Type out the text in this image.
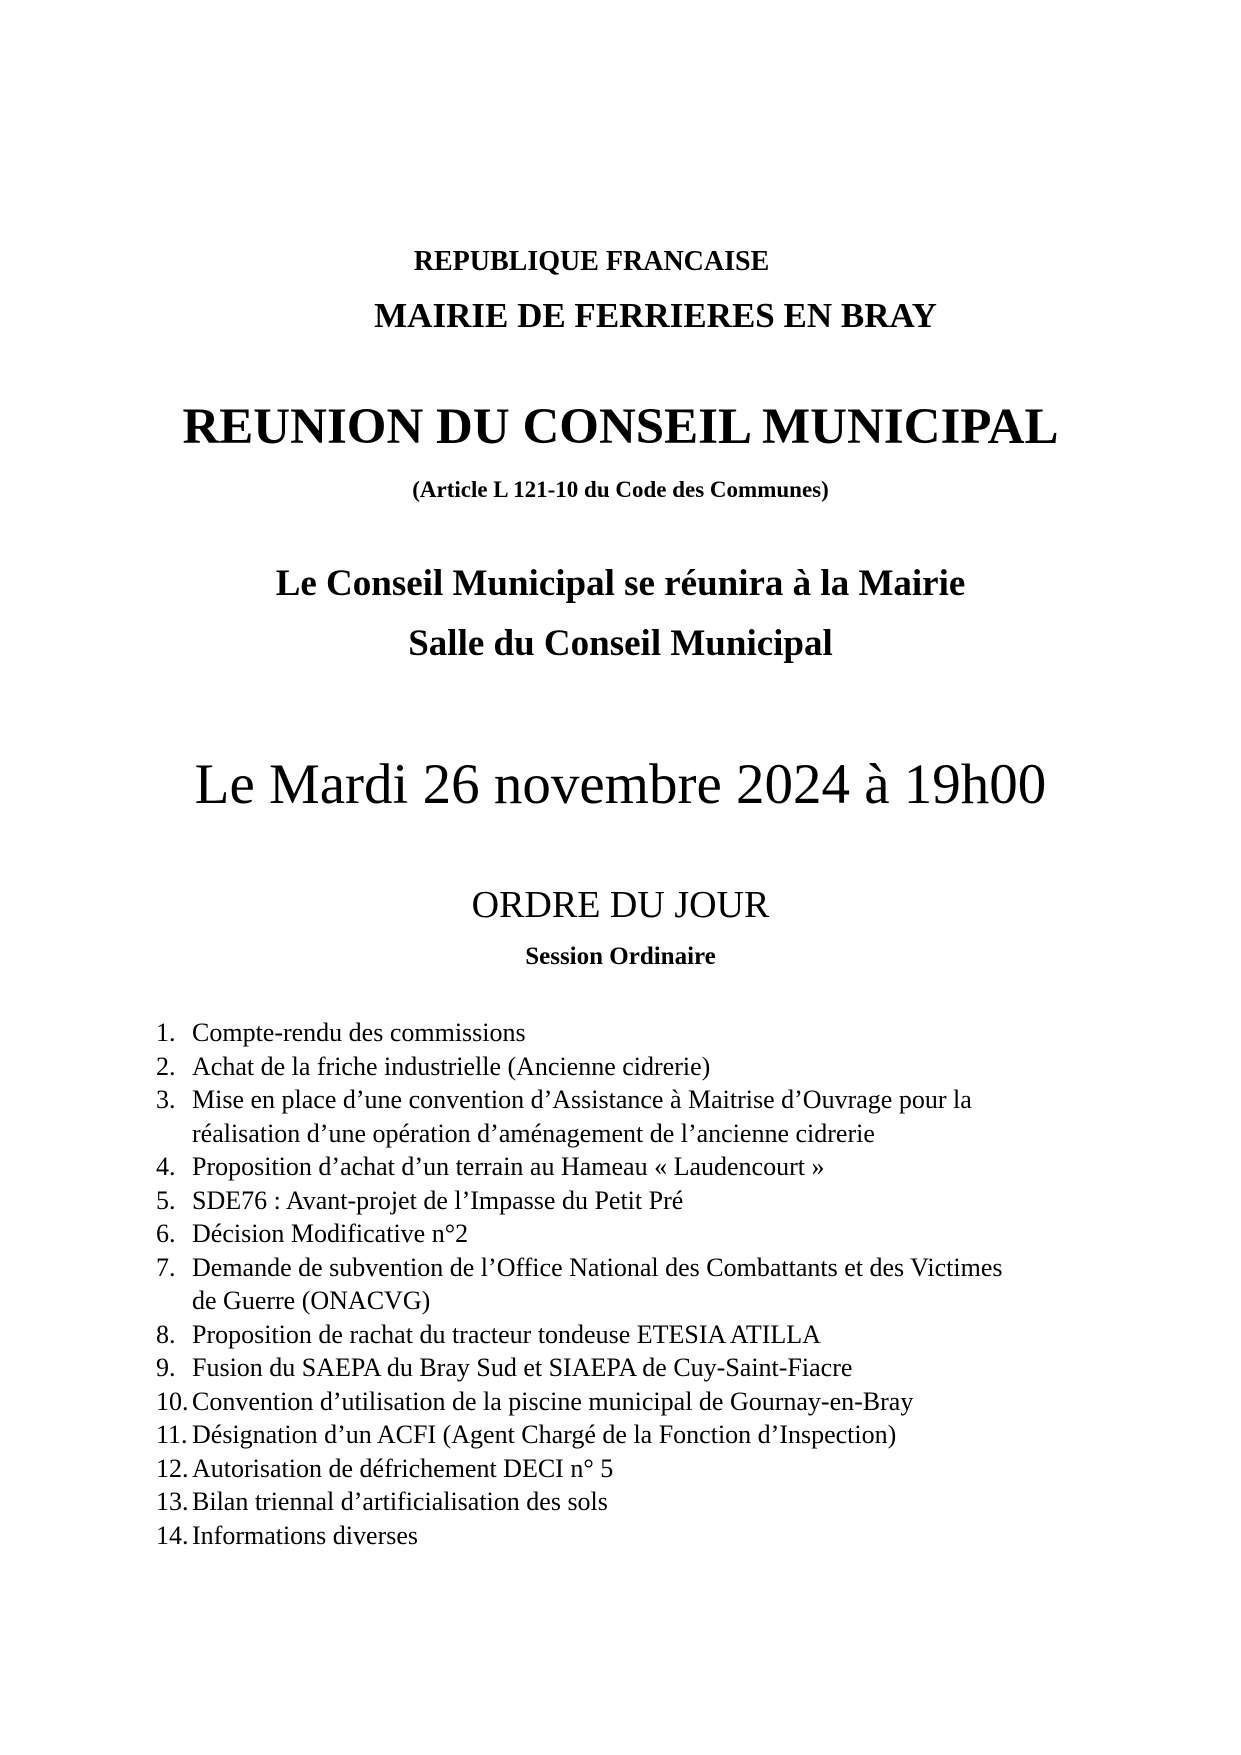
REPUBLIQUE FRANCAISE
MAIRIE DE FERRIERES EN BRAY
REUNION DU CONSEIL MUNICIPAL
(Article L 121-10 du Code des Communes)
Le Conseil Municipal se réunira à la Mairie
Salle du Conseil Municipal
Le Mardi 26 novembre 2024 à 19h00
ORDRE DU JOUR
Session Ordinaire
1. Compte-rendu des commissions
2. Achat de la friche industrielle (Ancienne cidrerie)
3. Mise en place d’une convention d’Assistance à Maitrise d’Ouvrage pour la
réalisation d’une opération d’aménagement de l’ancienne cidrerie
4. Proposition d’achat d’un terrain au Hameau « Laudencourt »
5. SDE76 : Avant-projet de l’Impasse du Petit Pré
6. Décision Modificative n°2
7. Demande de subvention de l’Office National des Combattants et des Victimes
de Guerre (ONACVG)
8. Proposition de rachat du tracteur tondeuse ETESIA ATILLA
9. Fusion du SAEPA du Bray Sud et SIAEPA de Cuy-Saint-Fiacre
10. Convention d’utilisation de la piscine municipal de Gournay-en-Bray
11. Désignation d’un ACFI (Agent Chargé de la Fonction d’Inspection)
12. Autorisation de défrichement DECI n° 5
13. Bilan triennal d’artificialisation des sols
14. Informations diverses
